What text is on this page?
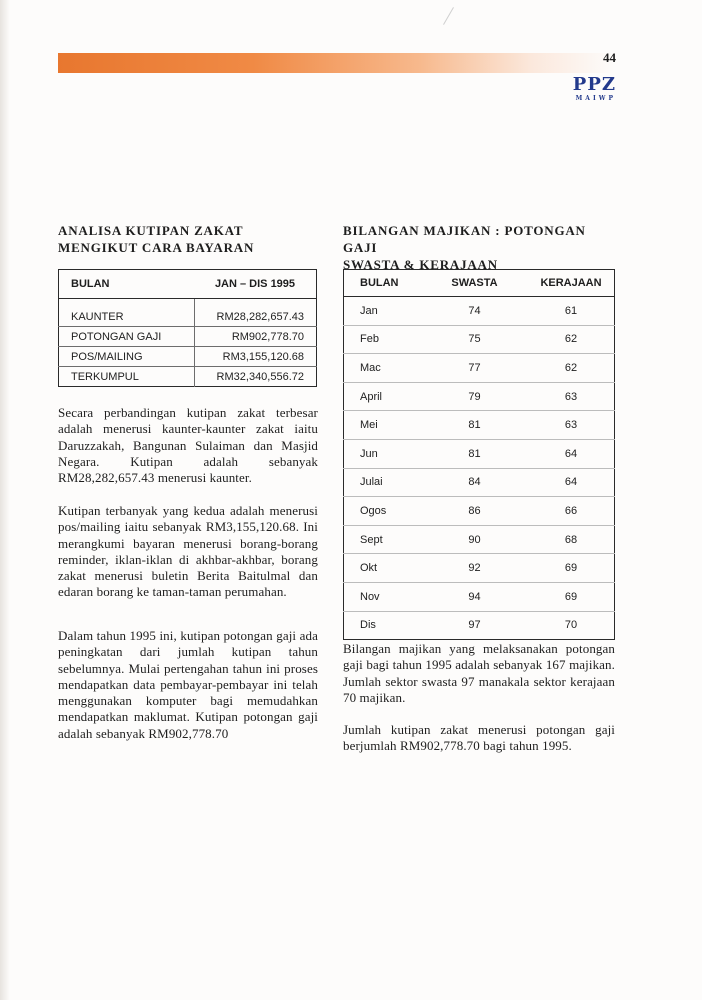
44
PPZ
MAIWP
ANALISA KUTIPAN ZAKAT
MENGIKUT CARA BAYARAN
BULAN	JAN – DIS 1995
KAUNTER	RM28,282,657.43
POTONGAN GAJI	RM902,778.70
POS/MAILING	RM3,155,120.68
TERKUMPUL	RM32,340,556.72

Secara perbandingan kutipan zakat terbesar adalah menerusi kaunter-kaunter zakat iaitu Daruzzakah, Bangunan Sulaiman dan Masjid Negara. Kutipan adalah sebanyak RM28,282,657.43 menerusi kaunter.

Kutipan terbanyak yang kedua adalah menerusi pos/mailing iaitu sebanyak RM3,155,120.68. Ini merangkumi bayaran menerusi borang-borang reminder, iklan-iklan di akhbar-akhbar, borang zakat menerusi buletin Berita Baitulmal dan edaran borang ke taman-taman perumahan.

Dalam tahun 1995 ini, kutipan potongan gaji ada peningkatan dari jumlah kutipan tahun sebelumnya. Mulai pertengahan tahun ini proses mendapatkan data pembayar-pembayar ini telah menggunakan komputer bagi memudahkan mendapatkan maklumat. Kutipan potongan gaji adalah sebanyak RM902,778.70

BILANGAN MAJIKAN : POTONGAN GAJI
SWASTA & KERAJAAN
BULAN	SWASTA	KERAJAAN
Jan	74	61
Feb	75	62
Mac	77	62
April	79	63
Mei	81	63
Jun	81	64
Julai	84	64
Ogos	86	66
Sept	90	68
Okt	92	69
Nov	94	69
Dis	97	70

Bilangan majikan yang melaksanakan potongan gaji bagi tahun 1995 adalah sebanyak 167 majikan. Jumlah sektor swasta 97 manakala sektor kerajaan 70 majikan.

Jumlah kutipan zakat menerusi potongan gaji berjumlah RM902,778.70 bagi tahun 1995.
